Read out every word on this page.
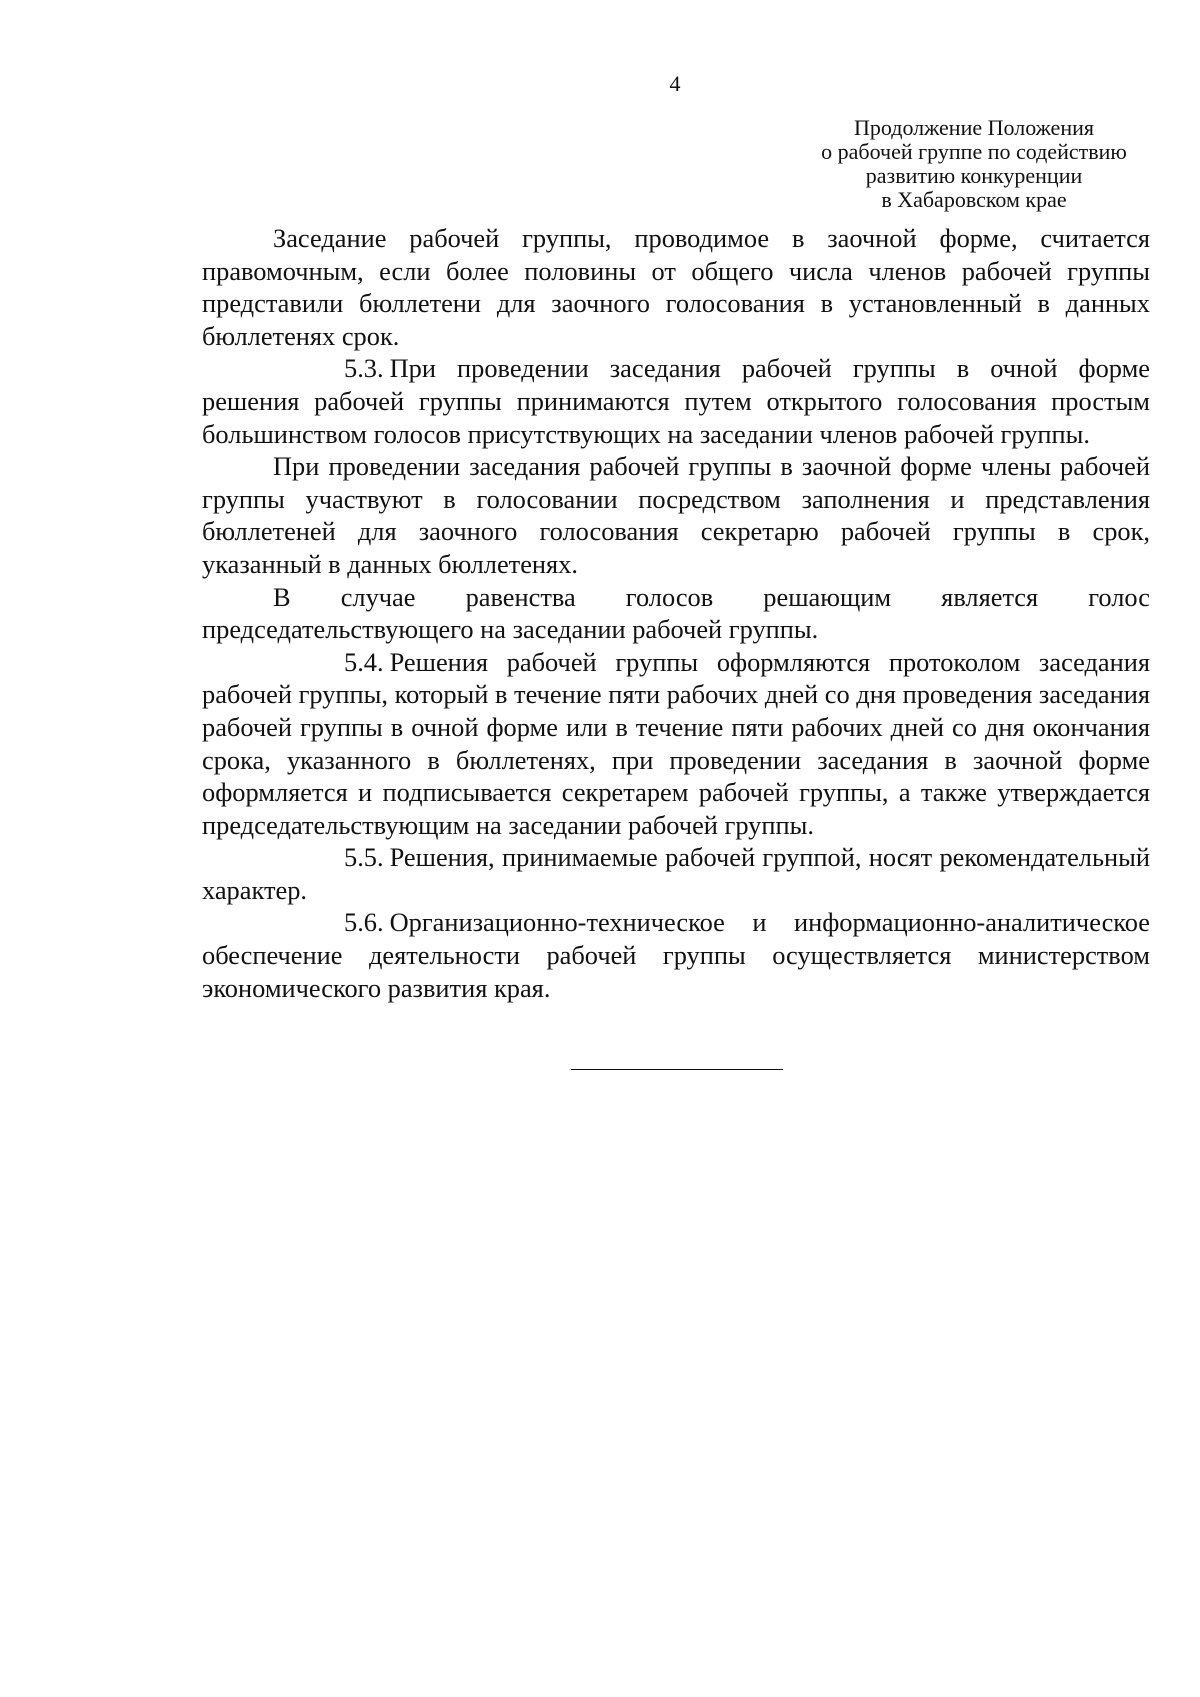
4
Продолжение Положения
о рабочей группе по содействию
развитию конкуренции
в Хабаровском крае

Заседание рабочей группы, проводимое в заочной форме, считается правомочным, если более половины от общего числа членов рабочей группы представили бюллетени для заочного голосования в установленный в данных бюллетенях срок.

5.3. При проведении заседания рабочей группы в очной форме решения рабочей группы принимаются путем открытого голосования простым большинством голосов присутствующих на заседании членов рабочей группы.

При проведении заседания рабочей группы в заочной форме члены рабочей группы участвуют в голосовании посредством заполнения и представления бюллетеней для заочного голосования секретарю рабочей группы в срок, указанный в данных бюллетенях.

В случае равенства голосов решающим является голос председательствующего на заседании рабочей группы.

5.4. Решения рабочей группы оформляются протоколом заседания рабочей группы, который в течение пяти рабочих дней со дня проведения заседания рабочей группы в очной форме или в течение пяти рабочих дней со дня окончания срока, указанного в бюллетенях, при проведении заседания в заочной форме оформляется и подписывается секретарем рабочей группы, а также утверждается председательствующим на заседании рабочей группы.

5.5. Решения, принимаемые рабочей группой, носят рекомендательный характер.

5.6. Организационно-техническое и информационно-аналитическое обеспечение деятельности рабочей группы осуществляется министерством экономического развития края.
